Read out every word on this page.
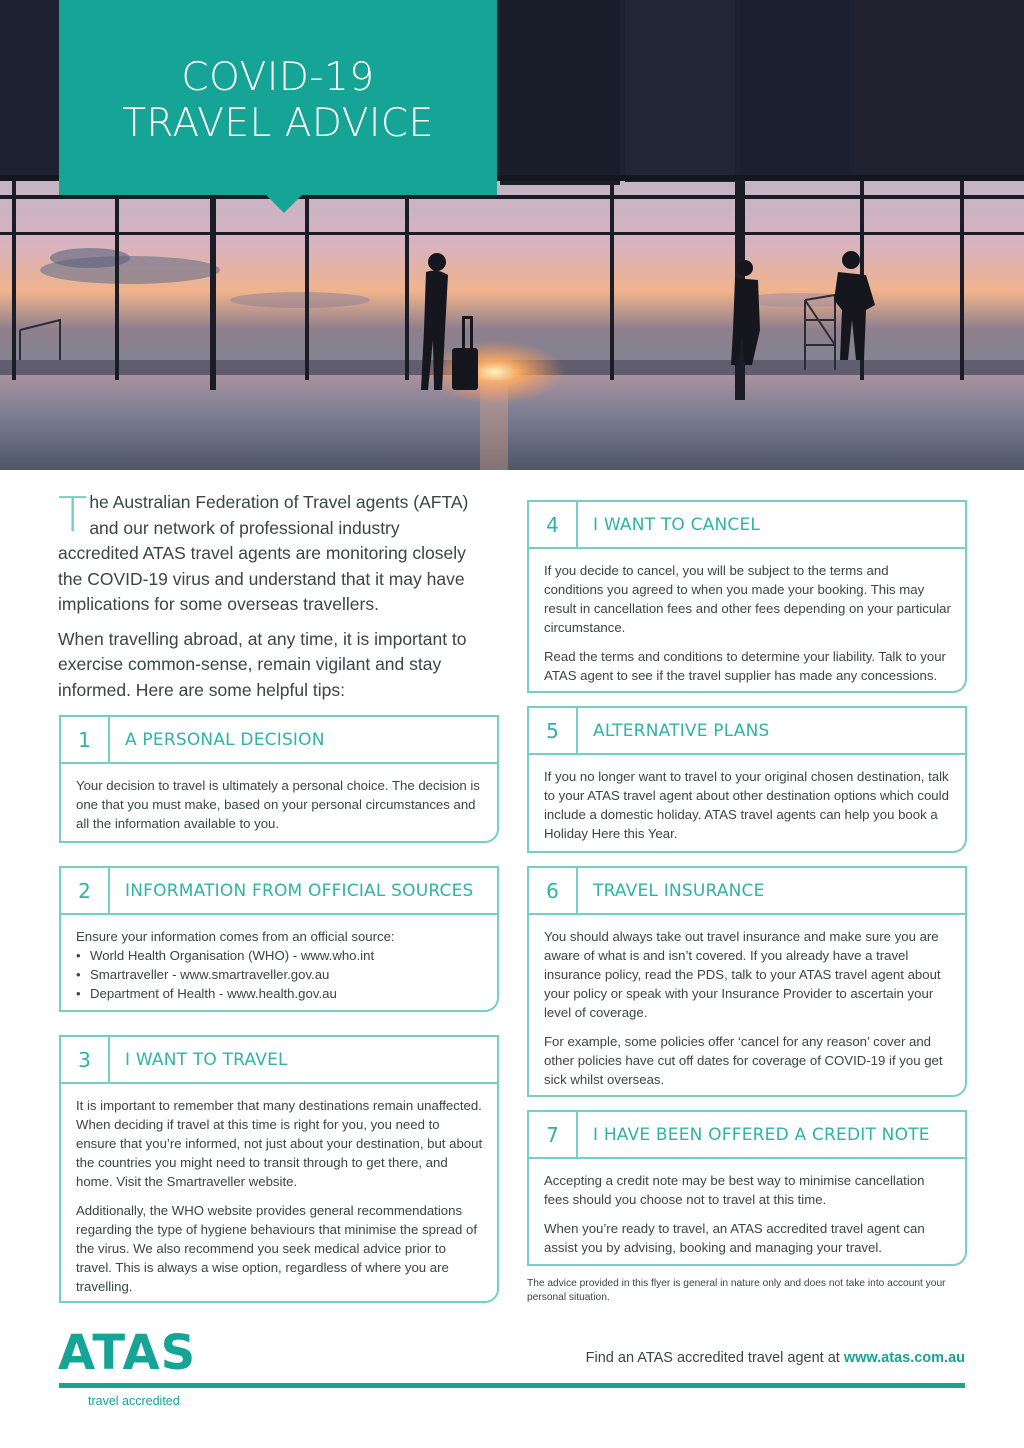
COVID-19
TRAVEL ADVICE

The Australian Federation of Travel agents (AFTA) and our network of professional industry accredited ATAS travel agents are monitoring closely the COVID-19 virus and understand that it may have implications for some overseas travellers.

When travelling abroad, at any time, it is important to exercise common-sense, remain vigilant and stay informed. Here are some helpful tips:

1	A PERSONAL DECISION

Your decision to travel is ultimately a personal choice. The decision is one that you must make, based on your personal circumstances and all the information available to you.

2	INFORMATION FROM OFFICIAL SOURCES
Ensure your information comes from an official source:
• World Health Organisation (WHO) - www.who.int
• Smartraveller - www.smartraveller.gov.au
• Department of Health - www.health.gov.au
3	I WANT TO TRAVEL

It is important to remember that many destinations remain unaffected. When deciding if travel at this time is right for you, you need to ensure that you’re informed, not just about your destination, but about the countries you might need to transit through to get there, and home. Visit the Smartraveller website.

Additionally, the WHO website provides general recommendations regarding the type of hygiene behaviours that minimise the spread of the virus. We also recommend you seek medical advice prior to travel. This is always a wise option, regardless of where you are travelling.

4	I WANT TO CANCEL

If you decide to cancel, you will be subject to the terms and conditions you agreed to when you made your booking. This may result in cancellation fees and other fees depending on your particular circumstance.

Read the terms and conditions to determine your liability. Talk to your ATAS agent to see if the travel supplier has made any concessions.

5	ALTERNATIVE PLANS

If you no longer want to travel to your original chosen destination, talk to your ATAS travel agent about other destination options which could include a domestic holiday. ATAS travel agents can help you book a Holiday Here this Year.

6	TRAVEL INSURANCE

You should always take out travel insurance and make sure you are aware of what is and isn’t covered. If you already have a travel insurance policy, read the PDS, talk to your ATAS travel agent about your policy or speak with your Insurance Provider to ascertain your level of coverage.

For example, some policies offer ‘cancel for any reason’ cover and other policies have cut off dates for coverage of COVID-19 if you get sick whilst overseas.

7	I HAVE BEEN OFFERED A CREDIT NOTE

Accepting a credit note may be best way to minimise cancellation fees should you choose not to travel at this time.

When you’re ready to travel, an ATAS accredited travel agent can assist you by advising, booking and managing your travel.

The advice provided in this flyer is general in nature only and does not take into account your personal situation.
ATAS
travel accredited
Find an ATAS accredited travel agent at www.atas.com.au
